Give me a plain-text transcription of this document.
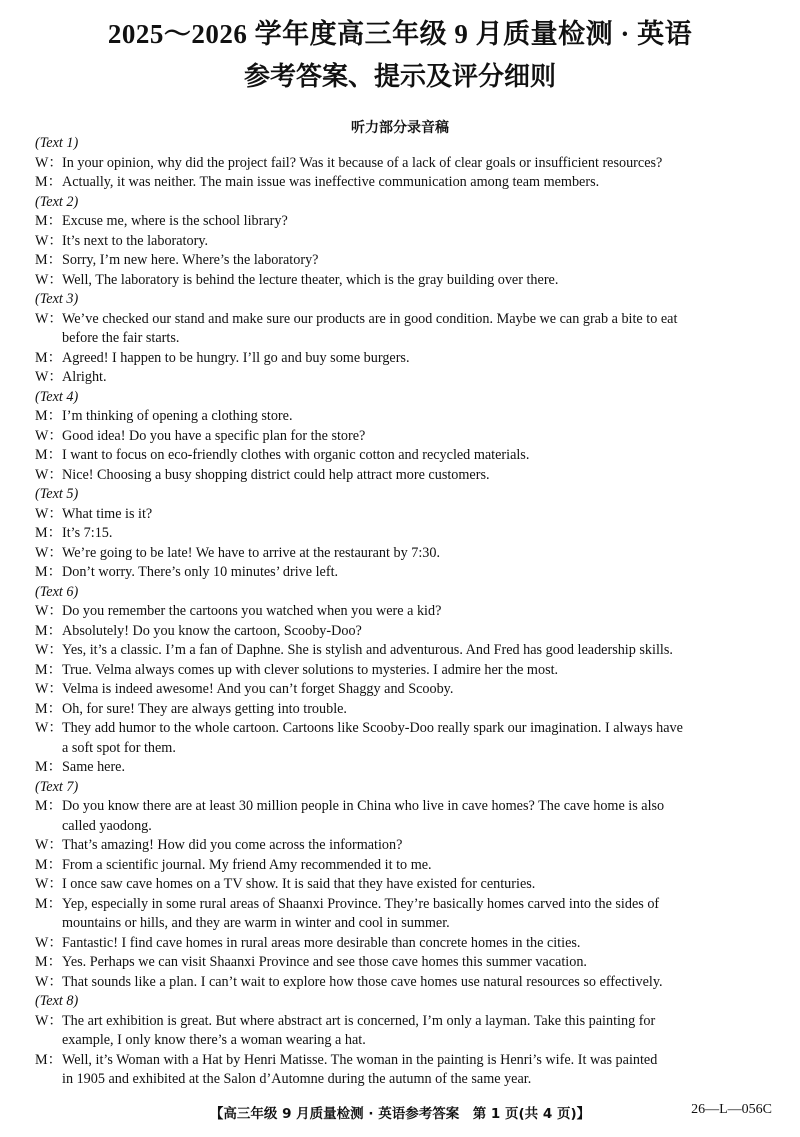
2025～2026 学年度高三年级 9 月质量检测 · 英语
参考答案、提示及评分细则
听力部分录音稿
(Text 1)
W：In your opinion, why did the project fail? Was it because of a lack of clear goals or insufficient resources?
M：Actually, it was neither. The main issue was ineffective communication among team members.
(Text 2)
M：Excuse me, where is the school library?
W：It’s next to the laboratory.
M：Sorry, I’m new here. Where’s the laboratory?
W：Well, The laboratory is behind the lecture theater, which is the gray building over there.
(Text 3)
W：We’ve checked our stand and make sure our products are in good condition. Maybe we can grab a bite to eat
before the fair starts.
M：Agreed! I happen to be hungry. I’ll go and buy some burgers.
W：Alright.
(Text 4)
M：I’m thinking of opening a clothing store.
W：Good idea! Do you have a specific plan for the store?
M：I want to focus on eco-friendly clothes with organic cotton and recycled materials.
W：Nice! Choosing a busy shopping district could help attract more customers.
(Text 5)
W：What time is it?
M：It’s 7:15.
W：We’re going to be late! We have to arrive at the restaurant by 7:30.
M：Don’t worry. There’s only 10 minutes’ drive left.
(Text 6)
W：Do you remember the cartoons you watched when you were a kid?
M：Absolutely! Do you know the cartoon, Scooby-Doo?
W：Yes, it’s a classic. I’m a fan of Daphne. She is stylish and adventurous. And Fred has good leadership skills.
M：True. Velma always comes up with clever solutions to mysteries. I admire her the most.
W：Velma is indeed awesome! And you can’t forget Shaggy and Scooby.
M：Oh, for sure! They are always getting into trouble.
W：They add humor to the whole cartoon. Cartoons like Scooby-Doo really spark our imagination. I always have
a soft spot for them.
M：Same here.
(Text 7)
M：Do you know there are at least 30 million people in China who live in cave homes? The cave home is also
called yaodong.
W：That’s amazing! How did you come across the information?
M：From a scientific journal. My friend Amy recommended it to me.
W：I once saw cave homes on a TV show. It is said that they have existed for centuries.
M：Yep, especially in some rural areas of Shaanxi Province. They’re basically homes carved into the sides of
mountains or hills, and they are warm in winter and cool in summer.
W：Fantastic! I find cave homes in rural areas more desirable than concrete homes in the cities.
M：Yes. Perhaps we can visit Shaanxi Province and see those cave homes this summer vacation.
W：That sounds like a plan. I can’t wait to explore how those cave homes use natural resources so effectively.
(Text 8)
W：The art exhibition is great. But where abstract art is concerned, I’m only a layman. Take this painting for
example, I only know there’s a woman wearing a hat.
M：Well, it’s Woman with a Hat by Henri Matisse. The woman in the painting is Henri’s wife. It was painted
in 1905 and exhibited at the Salon d’Automne during the autumn of the same year.
【高三年级 9 月质量检测 · 英语参考答案　第 1 页(共 4 页)】	26—L—056C
